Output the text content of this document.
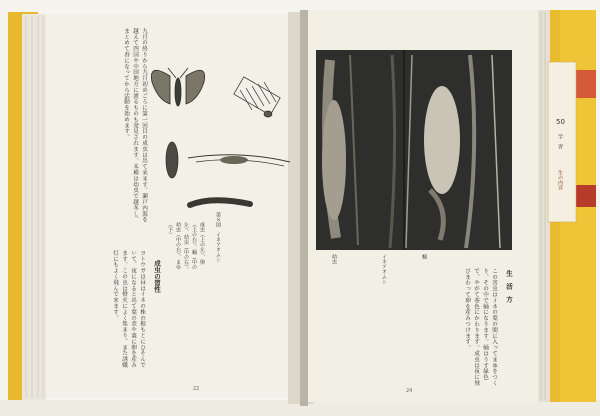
九月の終りから九月初めごろに第一回目の成虫は出て来ます。瀬戸内海を越えて四国や中国地方に渡るものも発見されます。本種は幼虫で越冬し、まとめて春になってから活動を始めます。
第８図　イネアオムシ
成虫（上の左）、卵（上の右）、蛹（中の左）、幼虫（中の右）、幼虫（中の右）、まゆ（下）
成虫の習性
ヨトウガは昼はイネの株の根もとにひそんでいて、夜になると出て葉の表や裏に卵を産みます。この虫は燈火によく集まり、また誘蛾灯にもよく飛んで来ます。
22
幼虫	イネアオムシ	蛹
生　活　方
この害虫はイネの葉の間に入ってまゆをつくり、その中で蛹になります。蛹はうす緑色で、やがて茶色にかわります。成虫は夜に飛びまわって卵を産みつけます。
24
50
学　習
生の内容
